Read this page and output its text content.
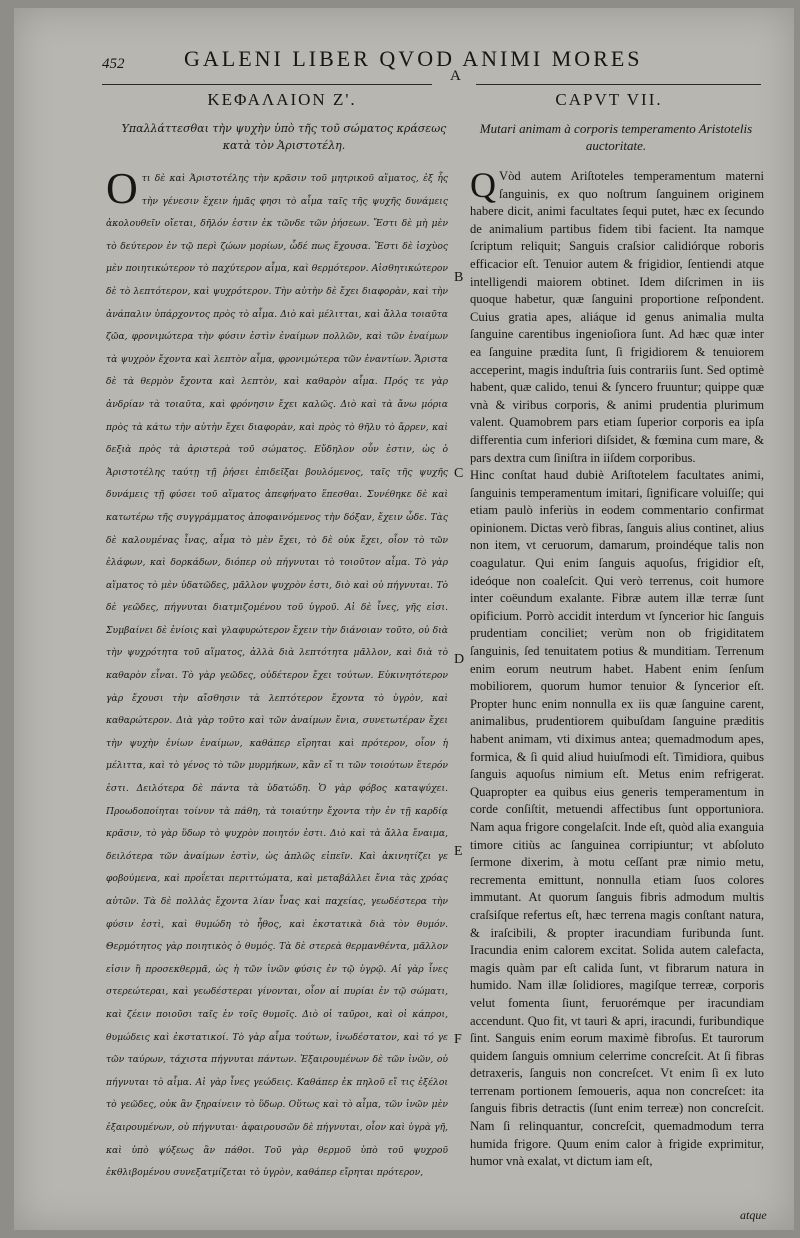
452	GALENI LIBER QVOD ANIMI MORES
A
ΚΕΦΑΛΑΙΟΝ Ζ'.	CAPVT VII.
Υπαλλάττεσθαι τὴν ψυχὴν ὑπὸ τῆς τοῦ σώματος κράσεως κατὰ τὸν Ἀριστοτέλη.
Mutari animam à corporis temperamento Aristotelis auctoritate.

Οτι δὲ καὶ Ἀριστοτέλης τὴν κρᾶσιν τοῦ μητρικοῦ αἵματος, ἐξ ἧς τὴν γένεσιν ἔχειν ἡμᾶς φησι τὸ αἷμα ταῖς τῆς ψυχῆς δυνάμεις ἀκολουθεῖν οἴεται, δῆλόν ἐστιν ἐκ τῶνδε τῶν ῥήσεων. Ἔστι δὲ μὴ μὲν τὸ δεύτερον ἐν τῷ περὶ ζώων μορίων, ὧδέ πως ἔχουσα. Ἔστι δὲ ἰσχὺος μὲν ποιητικώτερον τὸ παχύτερον αἷμα, καὶ θερμότερον. Αἰσθητικώτερον δὲ τὸ λεπτότερον, καὶ ψυχρότερον. Τὴν αὐτὴν δὲ ἔχει διαφορὰν, καὶ τὴν ἀνάπαλιν ὑπάρχοντος πρὸς τὸ αἷμα. Διὸ καὶ μέλιτται, καὶ ἄλλα τοιαῦτα ζῶα, φρονιμώτερα τὴν φύσιν ἐστὶν ἐναίμων πολλῶν, καὶ τῶν ἐναίμων τὰ ψυχρὸν ἔχοντα καὶ λεπτὸν αἷμα, φρονιμώτερα τῶν ἐναντίων. Ἄριστα δὲ τὰ θερμὸν ἔχοντα καὶ λεπτὸν, καὶ καθαρὸν αἷμα. Πρός τε γὰρ ἀνδρίαν τὰ τοιαῦτα, καὶ φρόνησιν ἔχει καλῶς. Διὸ καὶ τὰ ἄνω μόρια πρὸς τὰ κάτω τὴν αὐτὴν ἔχει διαφορὰν, καὶ πρὸς τὸ θῆλυ τὸ ἄρρεν, καὶ δεξιὰ πρὸς τὰ ἀριστερὰ τοῦ σώματος. Εὔδηλον οὖν ἐστιν, ὡς ὁ Ἀριστοτέλης ταύτῃ τῇ ῥήσει ἐπιδεῖξαι βουλόμενος, ταῖς τῆς ψυχῆς δυνάμεις τῇ φύσει τοῦ αἵματος ἀπεφήνατο ἕπεσθαι. Συνέθηκε δὲ καὶ κατωτέρω τῆς συγγράμματος ἀποφαινόμενος τὴν δόξαν, ἔχειν ὧδε. Τὰς δὲ καλουμένας ἶνας, αἷμα τὸ μὲν ἔχει, τὸ δὲ οὐκ ἔχει, οἷον τὸ τῶν ἐλάφων, καὶ δορκάδων, διόπερ οὐ πήγνυται τὸ τοιοῦτον αἷμα. Τὸ γὰρ αἵματος τὸ μὲν ὑδατῶδες, μᾶλλον ψυχρὸν ἐστι, διὸ καὶ οὐ πήγνυται. Τὸ δὲ γεῶδες, πήγνυται διατμιζομένου τοῦ ὑγροῦ. Αἱ δὲ ἶνες, γῆς εἰσι. Συμβαίνει δὲ ἐνίοις καὶ γλαφυρώτερον ἔχειν τὴν διάνοιαν τοῦτο, οὐ διὰ τὴν ψυχρότητα τοῦ αἵματος, ἀλλὰ διὰ λεπτότητα μᾶλλον, καὶ διὰ τὸ καθαρὸν εἶναι. Τὸ γὰρ γεῶδες, οὐδέτερον ἔχει τούτων. Εὐκινητότερον γὰρ ἔχουσι τὴν αἴσθησιν τὰ λεπτότερον ἔχοντα τὸ ὑγρὸν, καὶ καθαρώτερον. Διὰ γὰρ τοῦτο καὶ τῶν ἀναίμων ἔνια, συνετωτέραν ἔχει τὴν ψυχὴν ἐνίων ἐναίμων, καθάπερ εἴρηται καὶ πρότερον, οἷον ἡ μέλιττα, καὶ τὸ γένος τὸ τῶν μυρμήκων, κἂν εἴ τι τῶν τοιούτων ἕτερόν ἐστι. Δειλότερα δὲ πάντα τὰ ὑδατώδη. Ὁ γὰρ φόβος καταψύχει. Προωδοποίηται τοίνυν τὰ πάθη, τὰ τοιαύτην ἔχοντα τὴν ἐν τῇ καρδίᾳ κρᾶσιν, τὸ γὰρ ὕδωρ τὸ ψυχρὸν ποιητόν ἐστι. Διὸ καὶ τὰ ἄλλα ἔναιμα, δειλότερα τῶν ἀναίμων ἐστὶν, ὡς ἁπλῶς εἰπεῖν. Καὶ ἀκινητίζει γε φοβούμενα, καὶ προΐεται περιττώματα, καὶ μεταβάλλει ἔνια τὰς χρόας αὐτῶν. Τὰ δὲ πολλὰς ἔχοντα λίαν ἶνας καὶ παχείας, γεωδέστερα τὴν φύσιν ἐστὶ, καὶ θυμώδη τὸ ἦθος, καὶ ἐκστατικὰ διὰ τὸν θυμόν. Θερμότητος γὰρ ποιητικὸς ὁ θυμός. Τὰ δὲ στερεὰ θερμανθέντα, μᾶλλον εἰσιν ἢ προσεκθερμᾶ, ὡς ἡ τῶν ἰνῶν φύσις ἐν τῷ ὑγρῷ. Αἱ γὰρ ἶνες στερεώτεραι, καὶ γεωδέστεραι γίνονται, οἷον αἱ πυρίαι ἐν τῷ σώματι, καὶ ζέειν ποιοῦσι ταῖς ἐν τοῖς θυμοῖς. Διὸ οἱ ταῦροι, καὶ οἱ κάπροι, θυμώδεις καὶ ἐκστατικοί. Τὸ γὰρ αἷμα τούτων, ἰνωδέστατον, καὶ τό γε τῶν ταύρων, τάχιστα πήγνυται πάντων. Ἐξαιρουμένων δὲ τῶν ἰνῶν, οὐ πήγνυται τὸ αἷμα. Αἱ γὰρ ἶνες γεώδεις. Καθάπερ ἐκ πηλοῦ εἴ τις ἐξέλοι τὸ γεῶδες, οὐκ ἂν ξηραίνειν τὸ ὕδωρ. Οὕτως καὶ τὸ αἷμα, τῶν ἰνῶν μὲν ἐξαιρουμένων, οὐ πήγνυται· ἀφαιρουσῶν δὲ πήγνυται, οἷον καὶ ὑγρὰ γῆ, καὶ ὑπὸ ψύξεως ἂν πάθοι. Τοῦ γὰρ θερμοῦ ὑπὸ τοῦ ψυχροῦ ἐκθλιβομένου συνεξατμίζεται τὸ ὑγρὸν, καθάπερ εἴρηται πρότερον,

Q Vòd autem Ariſtoteles temperamentum materni ſanguinis, ex quo noſtrum ſanguinem originem habere dicit, animi facultates ſequi putet, hæc ex ſecundo de animalium partibus fidem tibi facient. Ita namque ſcriptum reliquit; Sanguis craſsior calidiórque roboris efficacior eſt. Tenuior autem & frigidior, ſentiendi atque intelligendi maiorem obtinet. Idem diſcrimen in iis quoque habetur, quæ ſanguini proportione reſpondent. Cuius gratia apes, aliáque id genus animalia multa ſanguine carentibus ingenioſiora ſunt. Ad hæc quæ inter ea ſanguine prædita ſunt, ſi frigidiorem & tenuiorem acceperint, magis induſtria ſuis contrariis ſunt. Sed optimè habent, quæ calido, tenui & ſyncero fruuntur; quippe quæ vnà & viribus corporis, & animi prudentia plurimum valent. Quamobrem pars etiam ſuperior corporis ea ipſa differentia cum inferiori diſsidet, & fœmina cum mare, & pars dextra cum ſiniſtra in iiſdem corporibus.

Hinc conſtat haud dubiè Ariſtotelem facultates animi, ſanguinis temperamentum imitari, ſignificare voluiſſe; qui etiam paulò inferiùs in eodem commentario confirmat opinionem. Dictas verò fibras, ſanguis alius continet, alius non item, vt ceruorum, damarum, proindéque talis non coagulatur. Qui enim ſanguis aquoſus, frigidior eſt, ideóque non coaleſcit. Qui verò terrenus, coit humore inter coëundum exalante. Fibræ autem illæ terræ ſunt opificium. Porrò accidit interdum vt ſyncerior hic ſanguis prudentiam conciliet; verùm non ob frigiditatem ſanguinis, ſed tenuitatem potius & munditiam. Terrenum enim eorum neutrum habet. Habent enim ſenſum mobiliorem, quorum humor tenuior & ſyncerior eſt. Propter hunc enim nonnulla ex iis quæ ſanguine carent, animalibus, prudentiorem quibuſdam ſanguine præditis habent animam, vti diximus antea; quemadmodum apes, formica, & ſi quid aliud huiuſmodi eſt. Timidiora, quibus ſanguis aquoſus nimium eſt. Metus enim refrigerat. Quapropter ea quibus eius generis temperamentum in corde conſiſtit, metuendi affectibus ſunt opportuniora. Nam aqua frigore congelaſcit. Inde eſt, quòd alia exanguia timore citiùs ac ſanguinea corripiuntur; vt abſoluto ſermone dixerim, à motu ceſſant præ nimio metu, recrementa emittunt, nonnulla etiam ſuos colores immutant. At quorum ſanguis fibris admodum multis craſsiſque refertus eſt, hæc terrena magis conſtant natura, & iraſcibili, & propter iracundiam furibunda ſunt. Iracundia enim calorem excitat. Solida autem calefacta, magis quàm par eſt calida ſunt, vt fibrarum natura in humido. Nam illæ ſolidiores, magiſque terreæ, corporis velut fomenta ſiunt, feruorémque per iracundiam accendunt. Quo fit, vt tauri & apri, iracundi, furibundique ſint. Sanguis enim eorum maximè fibroſus. Et taurorum quidem ſanguis omnium celerrime concreſcit. At ſi fibras detraxeris, ſanguis non concreſcet. Vt enim ſi ex luto terrenam portionem ſemoueris, aqua non concreſcet: ita ſanguis fibris detractis (ſunt enim terreæ) non concreſcit. Nam ſi relinquantur, concreſcit, quemadmodum terra humida frigore. Quum enim calor à frigide exprimitur, humor vnà exalat, vt dictum iam eſt,

B
C
D
E
F
atque
